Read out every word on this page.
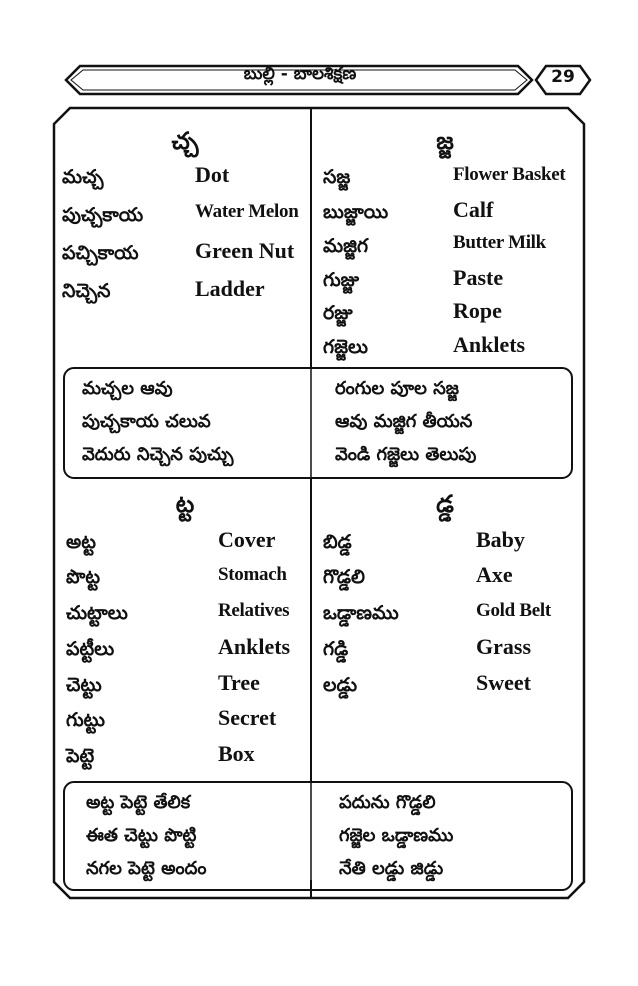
బుల్లి - బాలశిక్షణ	29
చ్చ
మచ్చ	Dot
పుచ్చకాయ	Water Melon
పచ్చికాయ	Green Nut
నిచ్చెన	Ladder
జ్జ
సజ్జ	Flower Basket
బుజ్జాయి	Calf
మజ్జిగ	Butter Milk
గుజ్జు	Paste
రజ్జు	Rope
గజ్జెలు	Anklets
మచ్చల ఆవు
పుచ్చకాయ చలువ
వెదురు నిచ్చెన పుచ్చు
రంగుల పూల సజ్జ
ఆవు మజ్జిగ తీయన
వెండి గజ్జెలు తెలుపు
ట్ట
అట్ట	Cover
పొట్ట	Stomach
చుట్టాలు	Relatives
పట్టీలు	Anklets
చెట్టు	Tree
గుట్టు	Secret
పెట్టె	Box
డ్డ
బిడ్డ	Baby
గొడ్డలి	Axe
ఒడ్డాణము	Gold Belt
గడ్డి	Grass
లడ్డు	Sweet
అట్ట పెట్టె తేలిక
ఈత చెట్టు పొట్టి
నగల పెట్టె అందం
పదును గొడ్డలి
గజ్జెల ఒడ్డాణము
నేతి లడ్డు జిడ్డు
